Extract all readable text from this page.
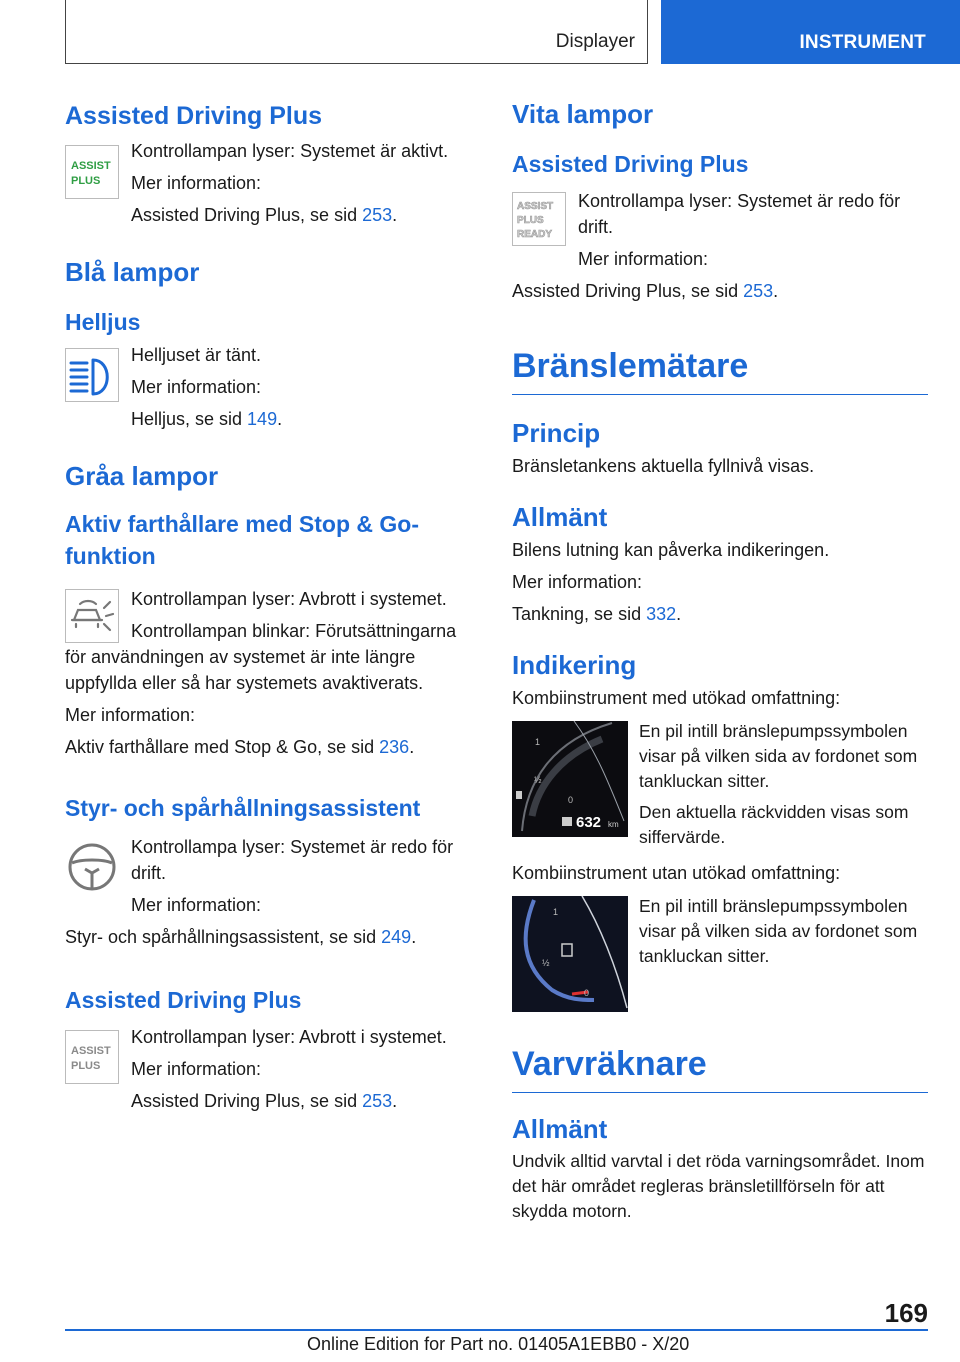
Displayer	INSTRUMENT
Assisted Driving Plus
ASSIST
PLUS

Kontrollampan lyser: Systemet är aktivt.

Mer information:

Assisted Driving Plus, se sid 253.

Blå lampor
Helljus

Helljuset är tänt.

Mer information:

Helljus, se sid 149.

Gråa lampor
Aktiv farthållare med Stop & Go-funktion

Kontrollampan lyser: Avbrott i systemet.

Kontrollampan blinkar: Förutsättningarna för användningen av systemet är inte längre uppfyllda eller så har systemets avaktiverats.

Mer information:

Aktiv farthållare med Stop & Go, se sid 236.

Styr- och spårhållningsassistent

Kontrollampa lyser: Systemet är redo för drift.

Mer information:

Styr- och spårhållningsassistent, se sid 249.

Assisted Driving Plus
ASSIST
PLUS

Kontrollampan lyser: Avbrott i systemet.

Mer information:

Assisted Driving Plus, se sid 253.

Vita lampor
Assisted Driving Plus
ASSIST
PLUS
READY

Kontrollampa lyser: Systemet är redo för drift.

Mer information:

Assisted Driving Plus, se sid 253.

Bränslemätare
Princip

Bränsletankens aktuella fyllnivå visas.

Allmänt

Bilens lutning kan påverka indikeringen.

Mer information:

Tankning, se sid 332.

Indikering

Kombiinstrument med utökad omfattning:

1
½
0
632 km

En pil intill bränslepumpssymbolen visar på vilken sida av fordonet som tankluckan sitter.

Den aktuella räckvidden visas som siffervärde.

Kombiinstrument utan utökad omfattning:

1
½
0

En pil intill bränslepumpssymbolen visar på vilken sida av fordonet som tankluckan sitter.

Varvräknare
Allmänt

Undvik alltid varvtal i det röda varningsområdet. Inom det här området regleras bränsletillförseln för att skydda motorn.

169
Online Edition for Part no. 01405A1EBB0 - X/20
